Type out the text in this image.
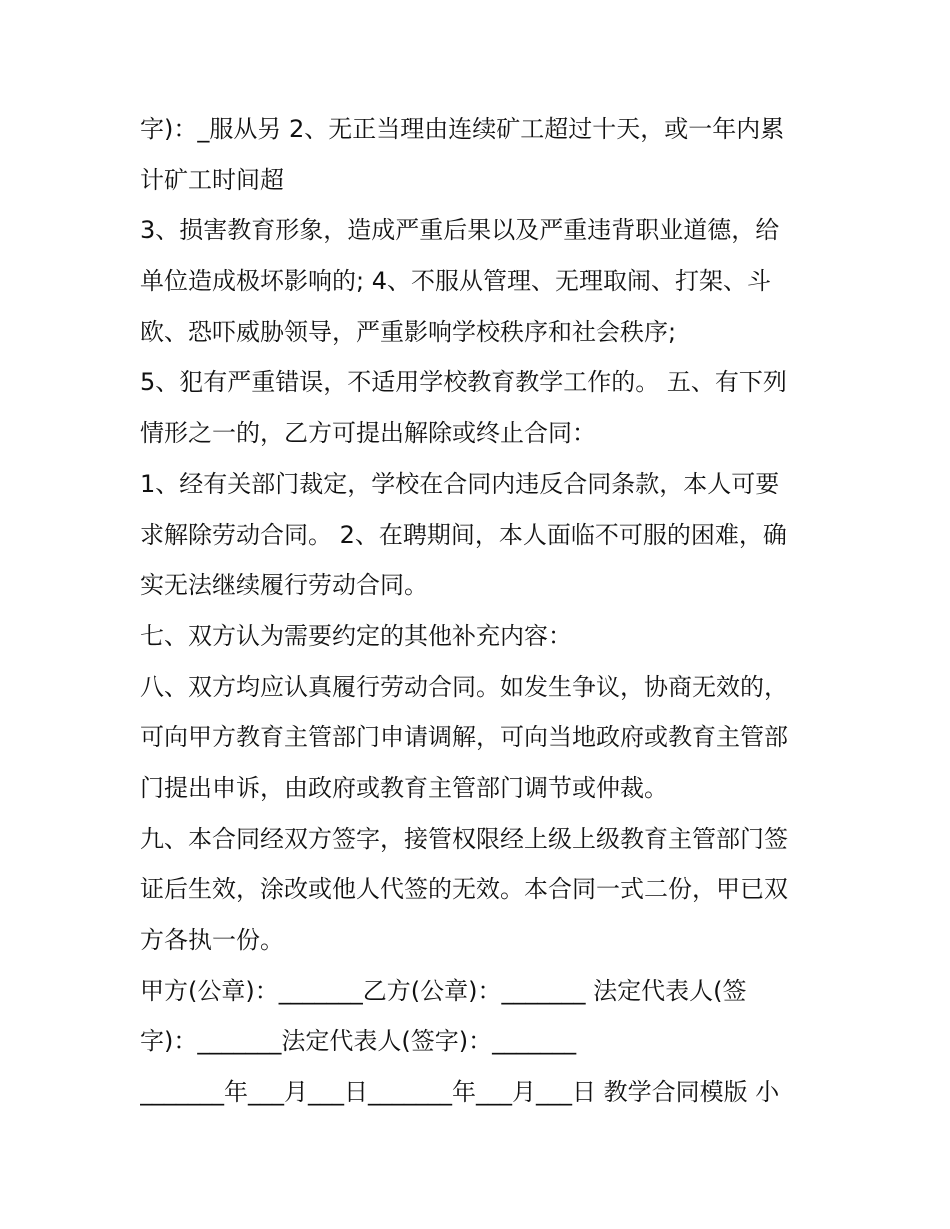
字)：_服从另 2、无正当理由连续矿工超过十天，或一年内累
计矿工时间超
3、损害教育形象，造成严重后果以及严重违背职业道德，给
单位造成极坏影响的; 4、不服从管理、无理取闹、打架、斗
欧、恐吓威胁领导，严重影响学校秩序和社会秩序;
5、犯有严重错误，不适用学校教育教学工作的。 五、有下列
情形之一的，乙方可提出解除或终止合同：
1、经有关部门裁定，学校在合同内违反合同条款，本人可要
求解除劳动合同。 2、在聘期间，本人面临不可服的困难，确
实无法继续履行劳动合同。
七、双方认为需要约定的其他补充内容：
八、双方均应认真履行劳动合同。如发生争议，协商无效的，
可向甲方教育主管部门申请调解，可向当地政府或教育主管部
门提出申诉，由政府或教育主管部门调节或仲裁。
九、本合同经双方签字，接管权限经上级上级教育主管部门签
证后生效，涂改或他人代签的无效。本合同一式二份，甲已双
方各执一份。
甲方(公章)：_______乙方(公章)：_______ 法定代表人(签
字)：_______法定代表人(签字)：_______
_______年___月___日_______年___月___日 教学合同模版 小
